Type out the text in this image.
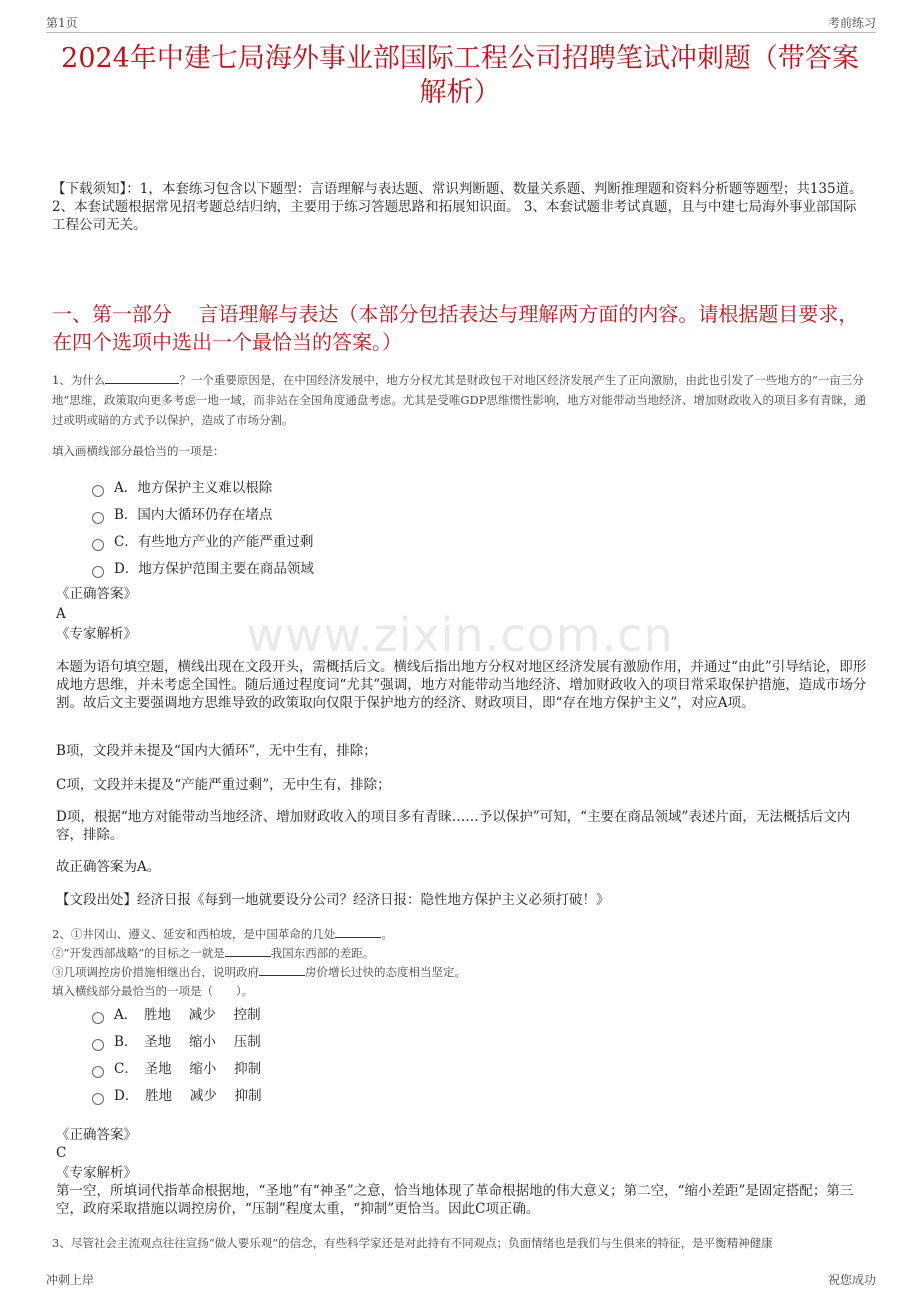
第1页	考前练习
2024年中建七局海外事业部国际工程公司招聘笔试冲刺题（带答案解析）
【下载须知】：1，本套练习包含以下题型：言语理解与表达题、常识判断题、数量关系题、判断推理题和资料分析题等题型；共135道。 2、本套试题根据常见招考题总结归纳，主要用于练习答题思路和拓展知识面。 3、本套试题非考试真题，且与中建七局海外事业部国际工程公司无关。
一、第一部分　 言语理解与表达（本部分包括表达与理解两方面的内容。请根据题目要求，在四个选项中选出一个最恰当的答案。）
www.zixin.com.cn
1、为什么	？一个重要原因是，在中国经济发展中，地方分权尤其是财政包干对地区经济发展产生了正向激励，由此也引发了一些地方的“一亩三分地”思维，政策取向更多考虑一地一域，而非站在全国角度通盘考虑。尤其是受唯GDP思维惯性影响，地方对能带动当地经济、增加财政收入的项目多有青睐，通过或明或暗的方式予以保护，造成了市场分割。
填入画横线部分最恰当的一项是：
A．地方保护主义难以根除
B．国内大循环仍存在堵点
C．有些地方产业的产能严重过剩
D．地方保护范围主要在商品领域
《正确答案》
A
《专家解析》
本题为语句填空题，横线出现在文段开头，需概括后文。横线后指出地方分权对地区经济发展有激励作用，并通过“由此”引导结论，即形成地方思维，并未考虑全国性。随后通过程度词“尤其”强调，地方对能带动当地经济、增加财政收入的项目常采取保护措施，造成市场分割。故后文主要强调地方思维导致的政策取向仅限于保护地方的经济、财政项目，即“存在地方保护主义”，对应A项。
B项，文段并未提及“国内大循环”，无中生有，排除；
C项，文段并未提及“产能严重过剩”，无中生有，排除；
D项，根据“地方对能带动当地经济、增加财政收入的项目多有青睐……予以保护”可知，“主要在商品领域”表述片面，无法概括后文内容，排除。
故正确答案为A。
【文段出处】经济日报《每到一地就要设分公司？经济日报：隐性地方保护主义必须打破！》
2、①井冈山、遵义、延安和西柏坡，是中国革命的几处	。
②“开发西部战略”的目标之一就是	我国东西部的差距。
③几项调控房价措施相继出台，说明政府	房价增长过快的态度相当坚定。
填入横线部分最恰当的一项是（　　）。
A．　胜地　 减少　 控制
B．　圣地　 缩小　 压制
C．　圣地　 缩小　 抑制
D．　胜地　 减少　 抑制
《正确答案》
C
《专家解析》
第一空，所填词代指革命根据地，“圣地”有“神圣”之意，恰当地体现了革命根据地的伟大意义；第二空，“缩小差距”是固定搭配；第三空，政府采取措施以调控房价，“压制”程度太重，“抑制”更恰当。因此C项正确。
3、尽管社会主流观点往往宣扬“做人要乐观”的信念，有些科学家还是对此持有不同观点；负面情绪也是我们与生俱来的特征，是平衡精神健康
冲刺上岸	祝您成功
